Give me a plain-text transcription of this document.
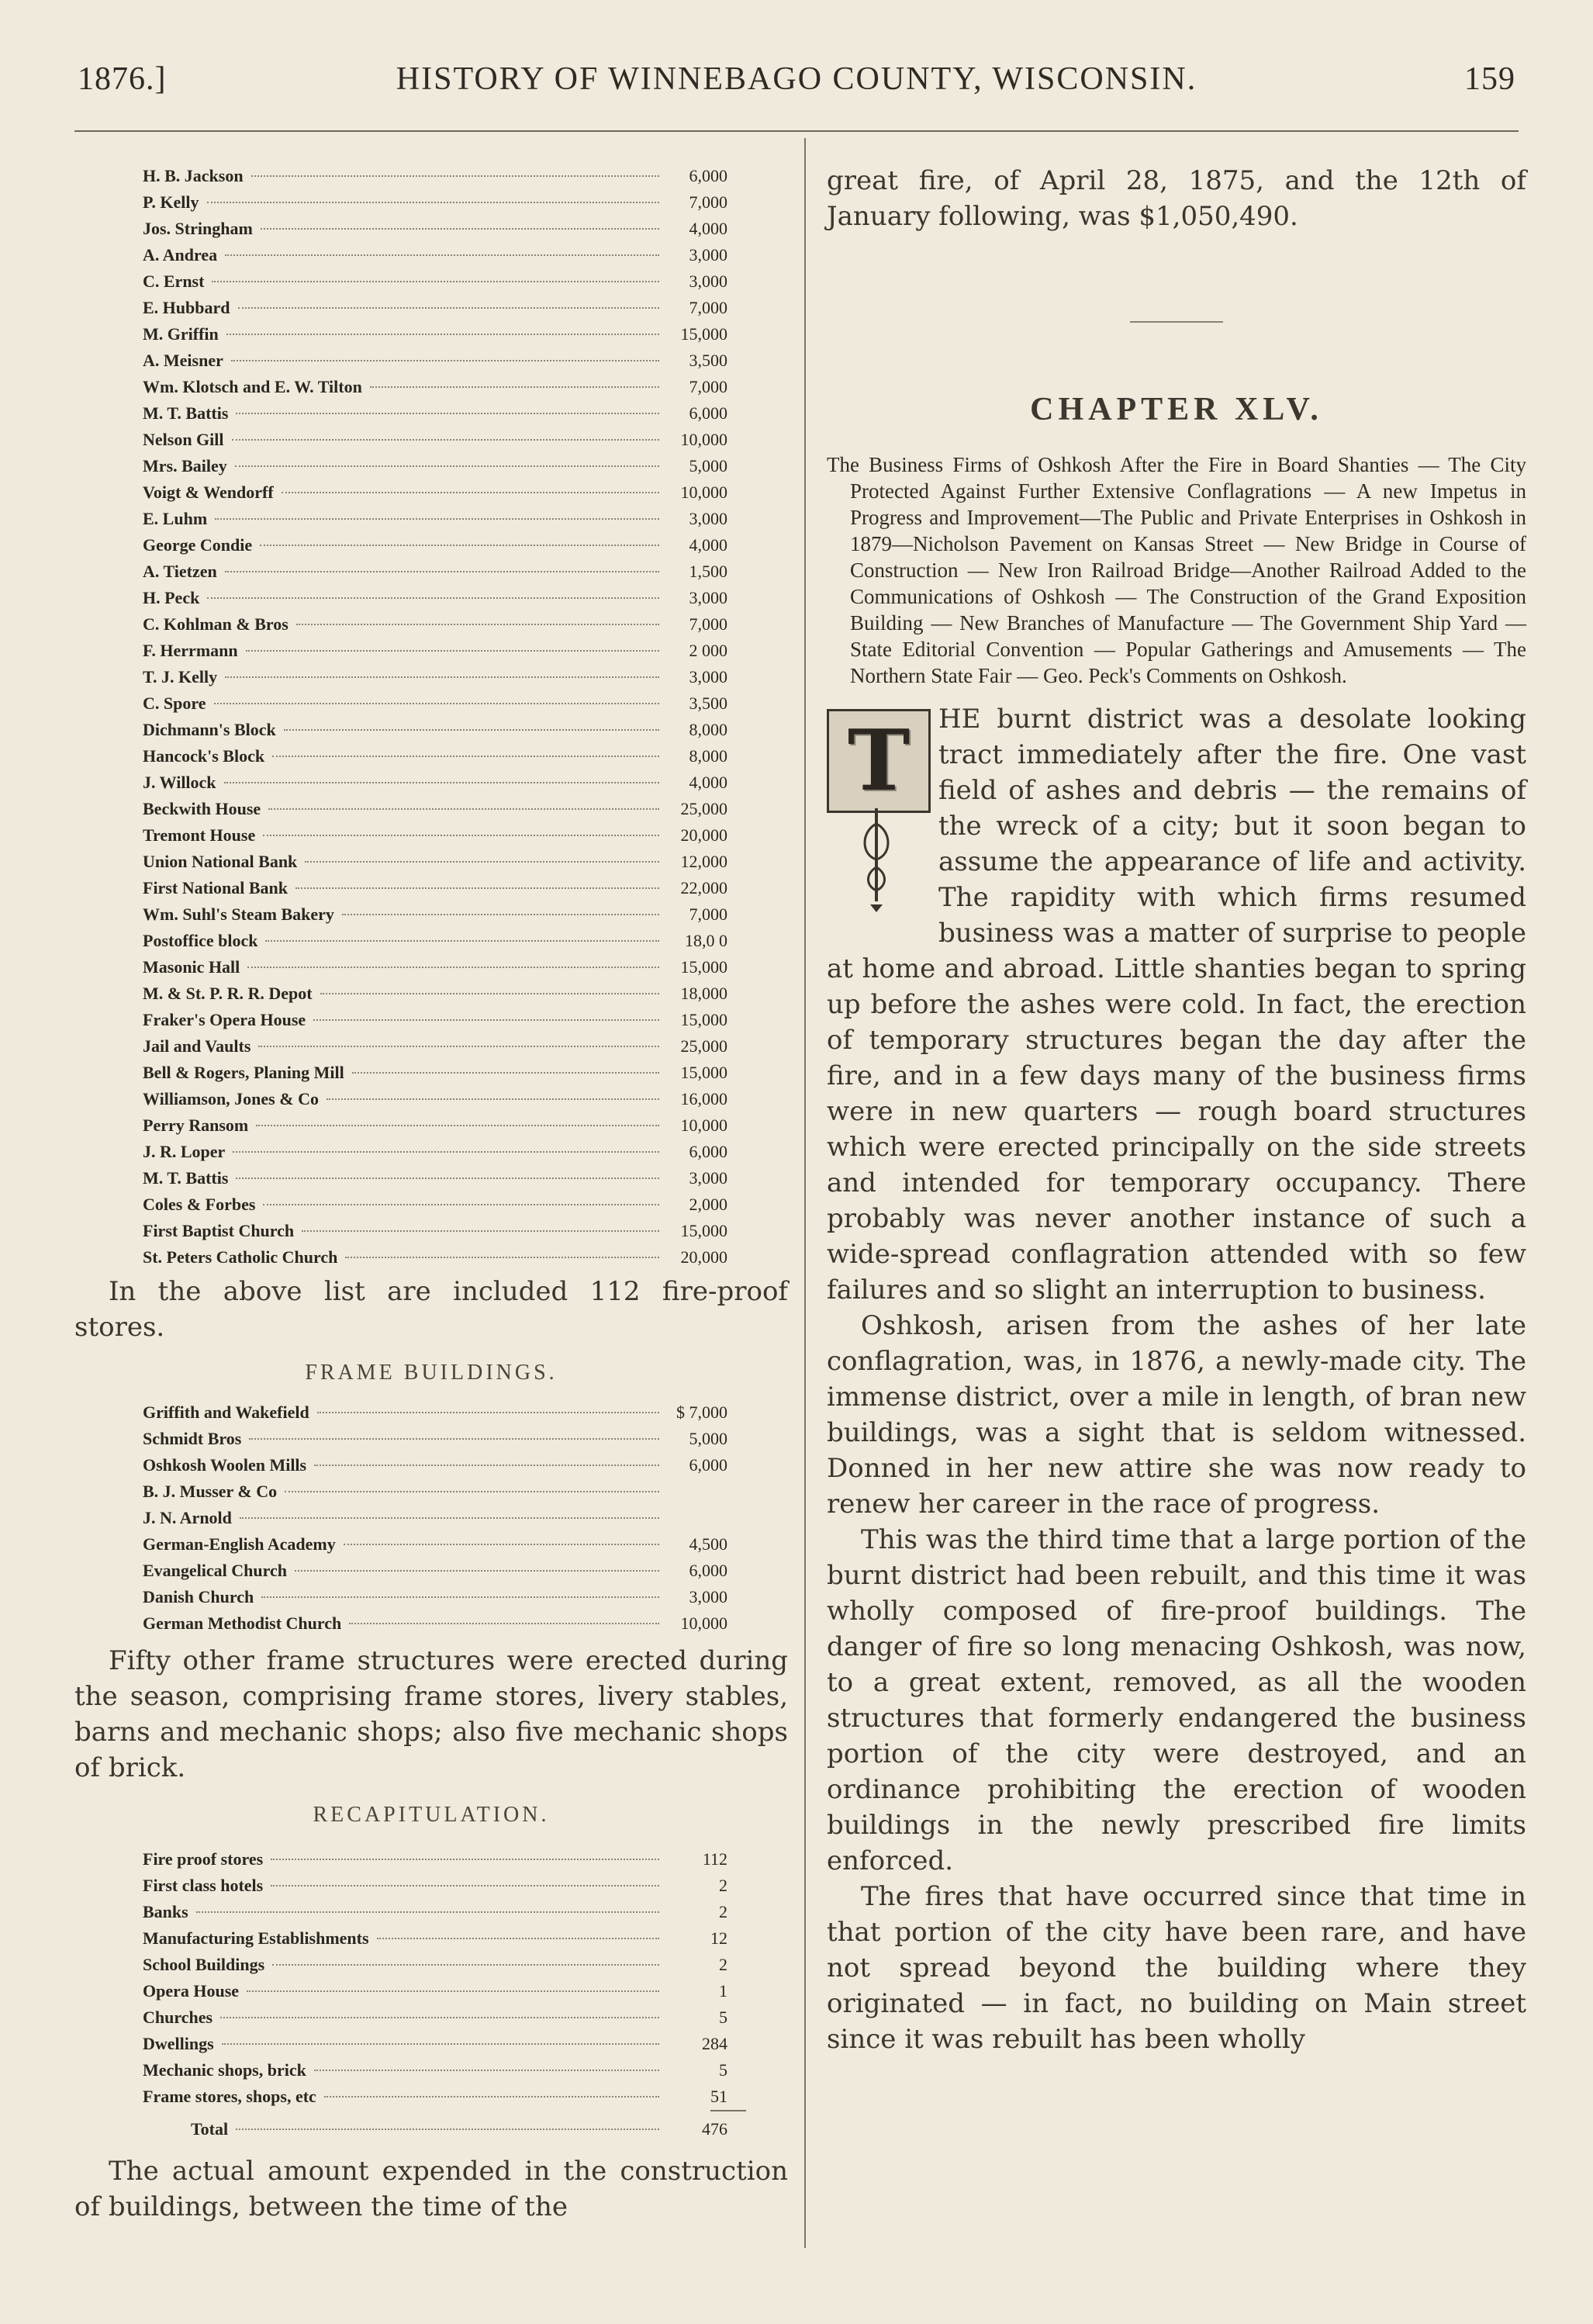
1876.]	HISTORY OF WINNEBAGO COUNTY, WISCONSIN.	159
H. B. Jackson	6,000
P. Kelly	7,000
Jos. Stringham	4,000
A. Andrea	3,000
C. Ernst	3,000
E. Hubbard	7,000
M. Griffin	15,000
A. Meisner	3,500
Wm. Klotsch and E. W. Tilton	7,000
M. T. Battis	6,000
Nelson Gill	10,000
Mrs. Bailey	5,000
Voigt & Wendorff	10,000
E. Luhm	3,000
George Condie	4,000
A. Tietzen	1,500
H. Peck	3,000
C. Kohlman & Bros	7,000
F. Herrmann	2 000
T. J. Kelly	3,000
C. Spore	3,500
Dichmann's Block	8,000
Hancock's Block	8,000
J. Willock	4,000
Beckwith House	25,000
Tremont House	20,000
Union National Bank	12,000
First National Bank	22,000
Wm. Suhl's Steam Bakery	7,000
Postoffice block	18,0 0
Masonic Hall	15,000
M. & St. P. R. R. Depot	18,000
Fraker's Opera House	15,000
Jail and Vaults	25,000
Bell & Rogers, Planing Mill	15,000
Williamson, Jones & Co	16,000
Perry Ransom	10,000
J. R. Loper	6,000
M. T. Battis	3,000
Coles & Forbes	2,000
First Baptist Church	15,000
St. Peters Catholic Church	20,000

In the above list are included 112 fire-proof stores.

FRAME BUILDINGS.
Griffith and Wakefield	$ 7,000
Schmidt Bros	5,000
Oshkosh Woolen Mills	6,000
B. J. Musser & Co
J. N. Arnold
German-English Academy	4,500
Evangelical Church	6,000
Danish Church	3,000
German Methodist Church	10,000

Fifty other frame structures were erected during the season, comprising frame stores, livery stables, barns and mechanic shops; also five mechanic shops of brick.

RECAPITULATION.
Fire proof stores	112
First class hotels	2
Banks	2
Manufacturing Establishments	12
School Buildings	2
Opera House	1
Churches	5
Dwellings	284
Mechanic shops, brick	5
Frame stores, shops, etc	51
Total	476

The actual amount expended in the construction of buildings, between the time of the

great fire, of April 28, 1875, and the 12th of January following, was $1,050,490.

CHAPTER XLV.

The Business Firms of Oshkosh After the Fire in Board Shanties — The City Protected Against Further Extensive Conflagrations — A new Impetus in Progress and Improvement—The Public and Private Enterprises in Oshkosh in 1879—Nicholson Pavement on Kansas Street — New Bridge in Course of Construction — New Iron Railroad Bridge—Another Railroad Added to the Communications of Oshkosh — The Construction of the Grand Exposition Building — New Branches of Manufacture — The Government Ship Yard — State Editorial Convention — Popular Gatherings and Amusements — The Northern State Fair — Geo. Peck's Comments on Oshkosh.

T	HE burnt district was a desolate looking tract immediately after the fire. One vast field of ashes and debris — the remains of the wreck of a city; but it soon began to assume the appearance of life and activity. The rapidity with which firms resumed business was a matter of surprise to people at home and abroad. Little shanties began to spring up before the ashes were cold. In fact, the erection of temporary structures began the day after the fire, and in a few days many of the business firms were in new quarters — rough board structures which were erected principally on the side streets and intended for temporary occupancy. There probably was never another instance of such a wide-spread conflagration attended with so few failures and so slight an interruption to business.

Oshkosh, arisen from the ashes of her late conflagration, was, in 1876, a newly-made city. The immense district, over a mile in length, of bran new buildings, was a sight that is seldom witnessed. Donned in her new attire she was now ready to renew her career in the race of progress.

This was the third time that a large portion of the burnt district had been rebuilt, and this time it was wholly composed of fire-proof buildings. The danger of fire so long menacing Oshkosh, was now, to a great extent, removed, as all the wooden structures that formerly endangered the business portion of the city were destroyed, and an ordinance prohibiting the erection of wooden buildings in the newly prescribed fire limits enforced.

The fires that have occurred since that time in that portion of the city have been rare, and have not spread beyond the building where they originated — in fact, no building on Main street since it was rebuilt has been wholly
